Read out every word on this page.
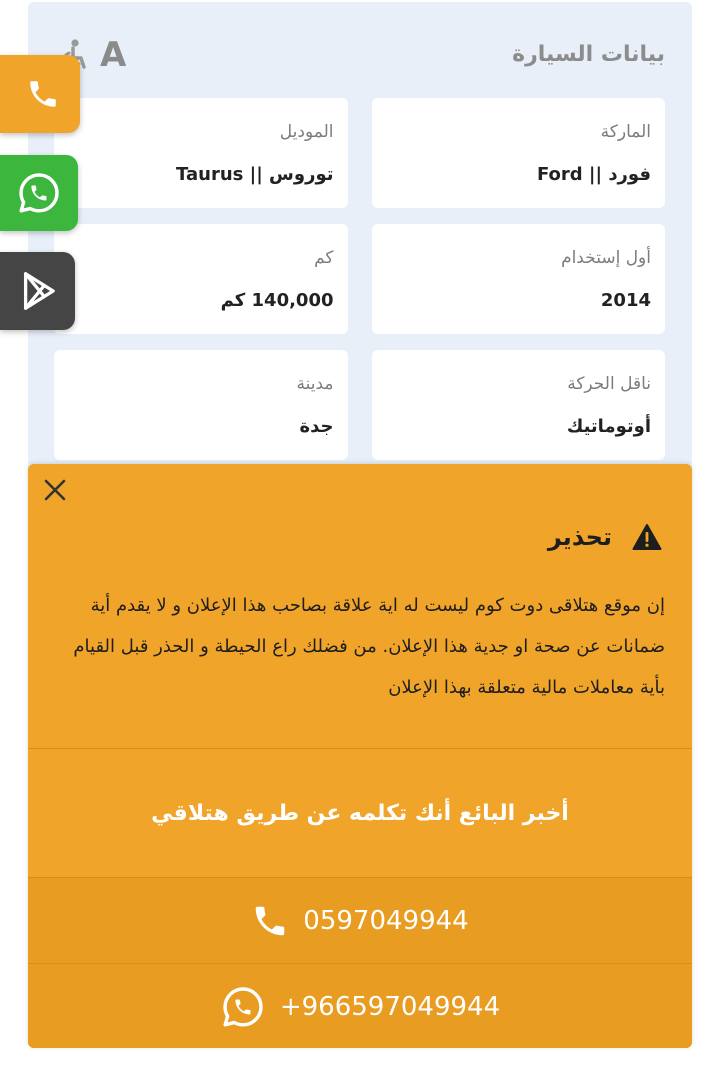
بيانات السيارة
A
الماركة
فورد || Ford
الموديل
توروس || Taurus
أول إستخدام
2014
كم
140,000 كم
ناقل الحركة
أوتوماتيك
مدينة
جدة
تحذير

إن موقع هتلاقى دوت كوم ليست له اية علاقة بصاحب هذا الإعلان و لا يقدم أية ضمانات عن صحة او جدية هذا الإعلان. من فضلك راع الحيطة و الحذر قبل القيام بأية معاملات مالية متعلقة بهذا الإعلان

أخبر البائع أنك تكلمه عن طريق هتلاقي
0597049944
+966597049944
